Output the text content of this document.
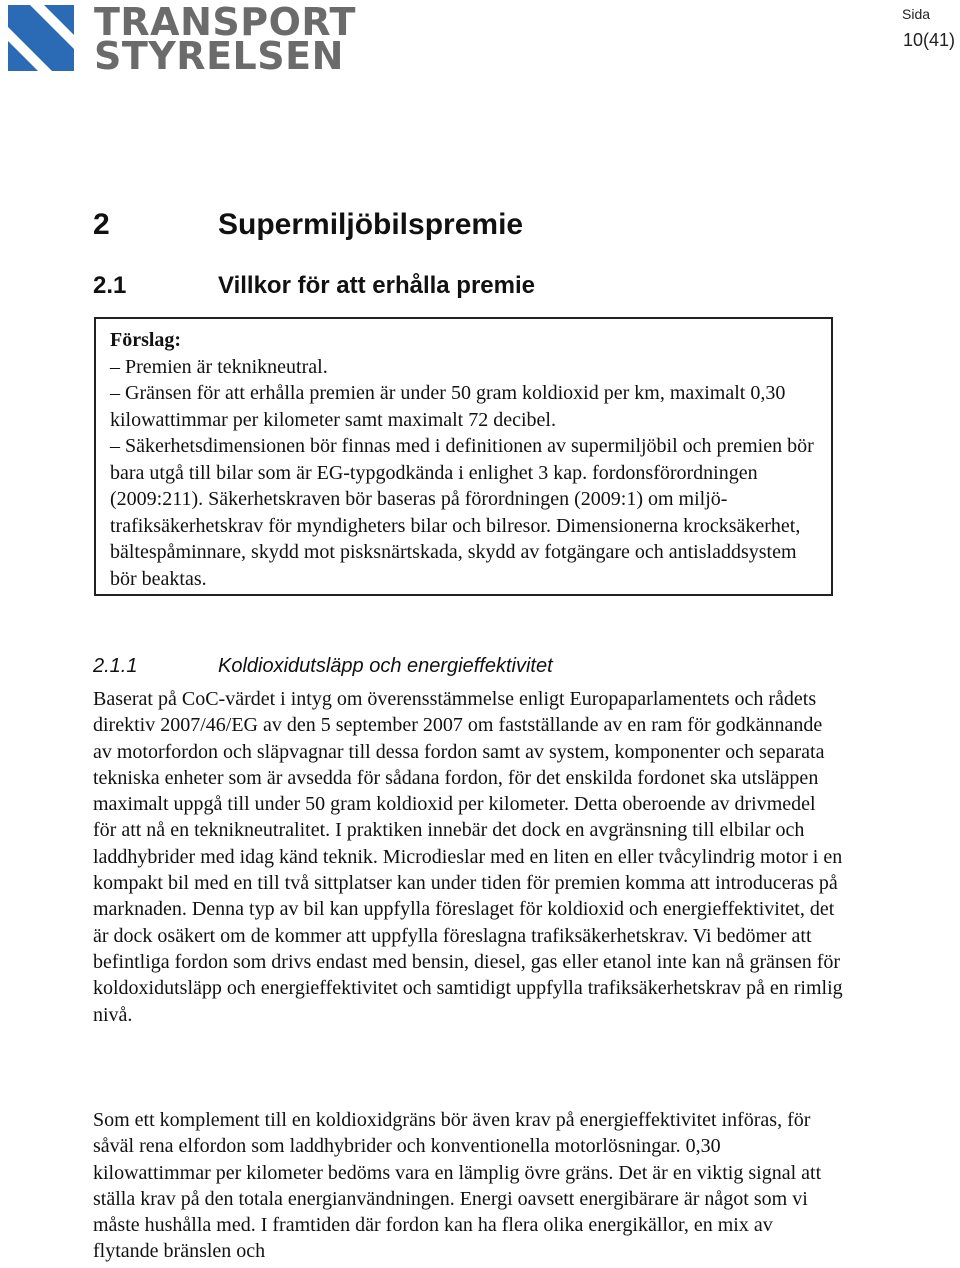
TRANSPORT
STYRELSEN
Sida
10(41)
2	Supermiljöbilspremie
2.1	Villkor för att erhålla premie

Förslag:

– Premien är teknikneutral.

– Gränsen för att erhålla premien är under 50 gram koldioxid per km, maximalt 0,30 kilowattimmar per kilometer samt maximalt 72 decibel.

– Säkerhetsdimensionen bör finnas med i definitionen av supermiljöbil och premien bör bara utgå till bilar som är EG-typgodkända i enlighet 3 kap. fordonsförordningen (2009:211). Säkerhetskraven bör baseras på förordningen (2009:1) om miljö- trafiksäkerhetskrav för myndigheters bilar och bilresor. Dimensionerna krocksäkerhet, bältespåminnare, skydd mot pisksnärtskada, skydd av fotgängare och antisladdsystem bör beaktas.

2.1.1	Koldioxidutsläpp och energieffektivitet

Baserat på CoC-värdet i intyg om överensstämmelse enligt Europaparlamentets och rådets direktiv 2007/46/EG av den 5 september 2007 om fastställande av en ram för godkännande av motorfordon och släpvagnar till dessa fordon samt av system, komponenter och separata tekniska enheter som är avsedda för sådana fordon, för det enskilda fordonet ska utsläppen maximalt uppgå till under 50 gram koldioxid per kilometer. Detta oberoende av drivmedel för att nå en teknikneutralitet. I praktiken innebär det dock en avgränsning till elbilar och laddhybrider med idag känd teknik. Microdieslar med en liten en eller tvåcylindrig motor i en kompakt bil med en till två sittplatser kan under tiden för premien komma att introduceras på marknaden. Denna typ av bil kan uppfylla föreslaget för koldioxid och energieffektivitet, det är dock osäkert om de kommer att uppfylla föreslagna trafiksäkerhetskrav. Vi bedömer att befintliga fordon som drivs endast med bensin, diesel, gas eller etanol inte kan nå gränsen för koldoxidutsläpp och energieffektivitet och samtidigt uppfylla trafiksäkerhetskrav på en rimlig nivå.

Som ett komplement till en koldioxidgräns bör även krav på energieffektivitet införas, för såväl rena elfordon som laddhybrider och konventionella motorlösningar. 0,30 kilowattimmar per kilometer bedöms vara en lämplig övre gräns. Det är en viktig signal att ställa krav på den totala energianvändningen. Energi oavsett energibärare är något som vi måste hushålla med. I framtiden där fordon kan ha flera olika energikällor, en mix av flytande bränslen och
